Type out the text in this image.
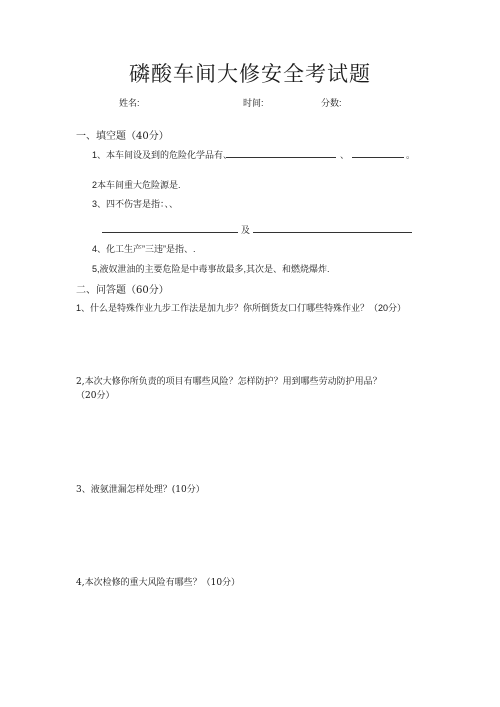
磷酸车间大修安全考试题
姓名:	时间:	分数:
一、填空题（40分）
1、本车间设及到的危险化学品有、	、	。
2本车间重大危险源是.
3、四不伤害是指：、、
及
4、化工生产”三违”是指、.
5,液奴泄油的主要危险是中毒事故最多,其次是、和燃烧爆炸.
二、问答题（60分）
1、什么是特殊作业九步工作法是加九步？你所倒货友口仃哪些特殊作业？（20分）
2,本次大修你所负责的项目有哪些风险？怎样防护？用到哪些劳动防护用品？
（20分）
3、液氨泄漏怎样处理？(10分）
4,本次检修的重大风险有哪些？（10分）
